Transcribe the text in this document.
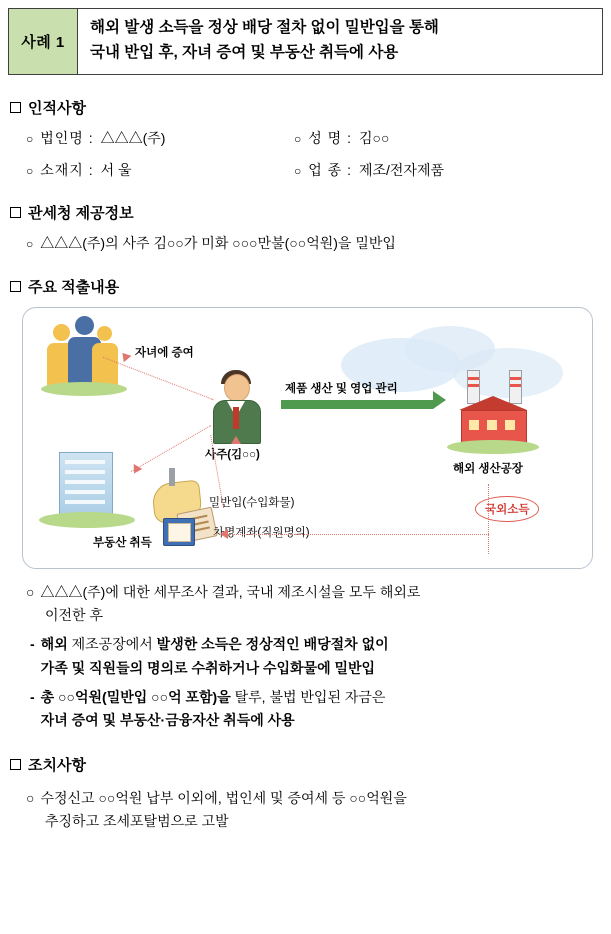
사례 1
해외 발생 소득을 정상 배당 절차 없이 밀반입을 통해
국내 반입 후, 자녀 증여 및 부동산 취득에 사용
인적사항
○ 법인명 : △△△(주)	○ 성 명 : 김○○
○ 소재지 : 서 울	○ 업 종 : 제조/전자제품
관세청 제공정보
○ △△△(주)의 사주 김○○가 미화 ○○○만불(○○억원)을 밀반입
주요 적출내용
자녀에 증여
부동산 취득
사주(김○○)
제품 생산 및 영업 관리
해외 생산공장
국외소득
밀반입(수입화물)
차명계좌(직원명의)
○ △△△(주)에 대한 세무조사 결과, 국내 제조시설을 모두 해외로
이전한 후
- 해외 제조공장에서 발생한 소득은 정상적인 배당절차 없이
가족 및 직원들의 명의로 수취하거나 수입화물에 밀반입
- 총 ○○억원(밀반입 ○○억 포함)을 탈루, 불법 반입된 자금은
자녀 증여 및 부동산·금융자산 취득에 사용
조치사항
○ 수정신고 ○○억원 납부 이외에, 법인세 및 증여세 등 ○○억원을
추징하고 조세포탈범으로 고발
